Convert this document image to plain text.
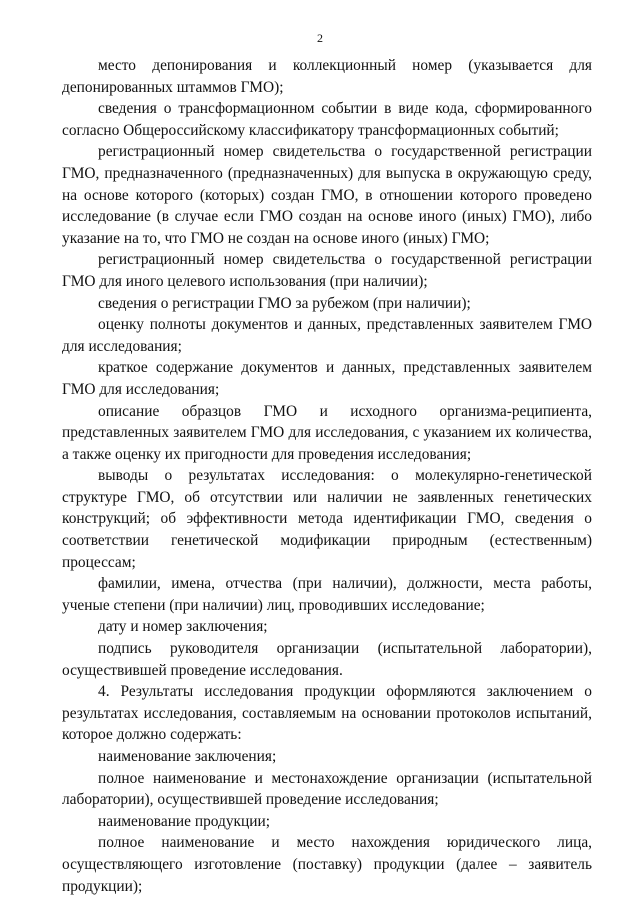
2

место депонирования и коллекционный номер (указывается для депонированных штаммов ГМО);

сведения о трансформационном событии в виде кода, сформированного согласно Общероссийскому классификатору трансформационных событий;

регистрационный номер свидетельства о государственной регистрации ГМО, предназначенного (предназначенных) для выпуска в окружающую среду, на основе которого (которых) создан ГМО, в отношении которого проведено исследование (в случае если ГМО создан на основе иного (иных) ГМО), либо указание на то, что ГМО не создан на основе иного (иных) ГМО;

регистрационный номер свидетельства о государственной регистрации ГМО для иного целевого использования (при наличии);

сведения о регистрации ГМО за рубежом (при наличии);

оценку полноты документов и данных, представленных заявителем ГМО для исследования;

краткое содержание документов и данных, представленных заявителем ГМО для исследования;

описание образцов ГМО и исходного организма-реципиента, представленных заявителем ГМО для исследования, с указанием их количества, а также оценку их пригодности для проведения исследования;

выводы о результатах исследования: о молекулярно-генетической структуре ГМО, об отсутствии или наличии не заявленных генетических конструкций; об эффективности метода идентификации ГМО, сведения о соответствии генетической модификации природным (естественным) процессам;

фамилии, имена, отчества (при наличии), должности, места работы, ученые степени (при наличии) лиц, проводивших исследование;

дату и номер заключения;

подпись руководителя организации (испытательной лаборатории), осуществившей проведение исследования.

4. Результаты исследования продукции оформляются заключением о результатах исследования, составляемым на основании протоколов испытаний, которое должно содержать:

наименование заключения;

полное наименование и местонахождение организации (испытательной лаборатории), осуществившей проведение исследования;

наименование продукции;

полное наименование и место нахождения юридического лица, осуществляющего изготовление (поставку) продукции (далее – заявитель продукции);
